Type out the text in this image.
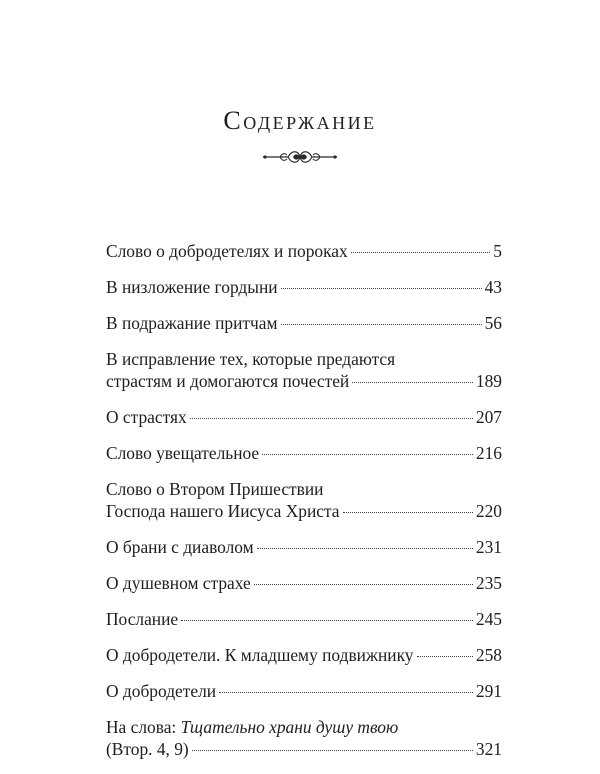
Содержание
Слово о добродетелях и пороках	5
В низложение гордыни	43
В подражание притчам	56
В исправление тех, которые предаются
страстям и домогаются почестей	189
О страстях	207
Слово увещательное	216
Слово о Втором Пришествии
Господа нашего Иисуса Христа	220
О брани с диаволом	231
О душевном страхе	235
Послание	245
О добродетели. К младшему подвижнику	258
О добродетели	291
На слова: Тщательно храни душу твою
(Втор. 4, 9)	321
